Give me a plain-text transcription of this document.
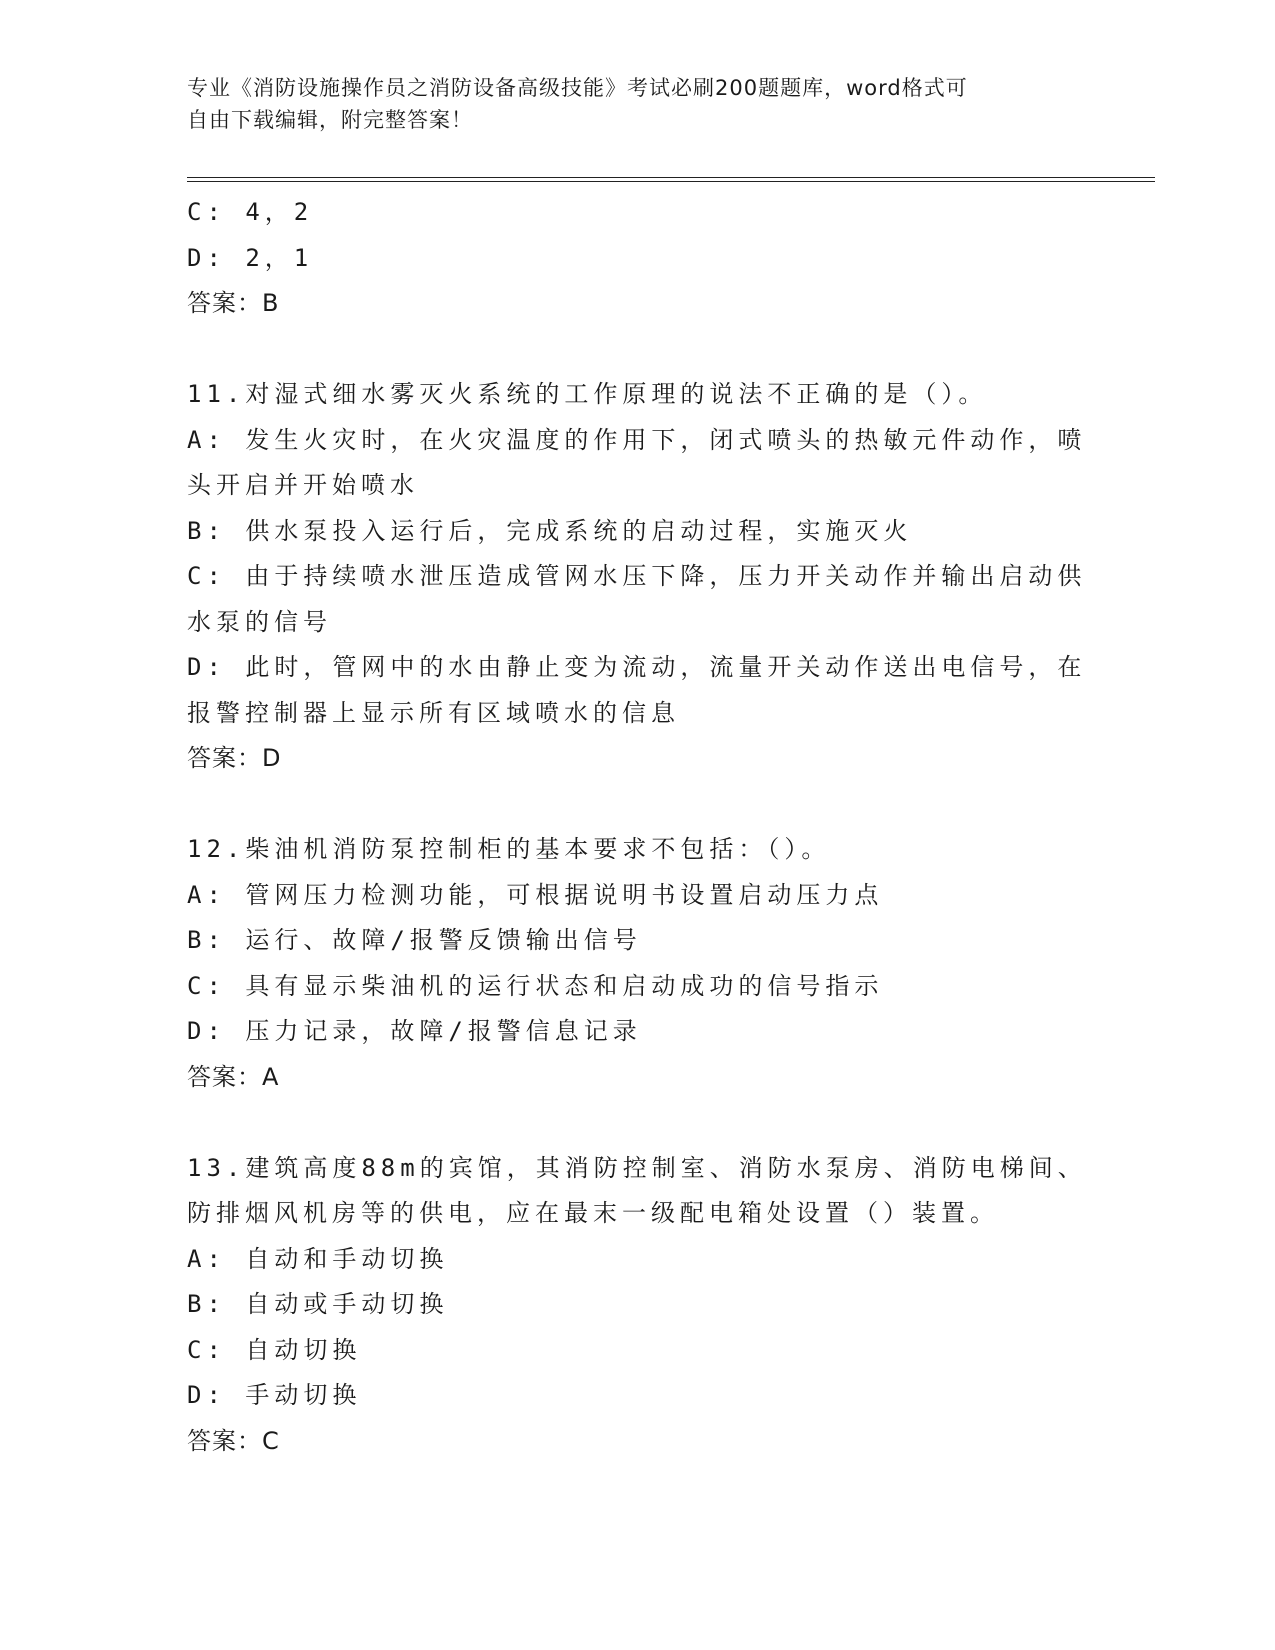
专业《消防设施操作员之消防设备高级技能》考试必刷200题题库，word格式可
自由下载编辑，附完整答案！
C: 4，2
D: 2，1
答案：B
11.对湿式细水雾灭火系统的工作原理的说法不正确的是（）。
A: 发生火灾时，在火灾温度的作用下，闭式喷头的热敏元件动作，喷
头开启并开始喷水
B: 供水泵投入运行后，完成系统的启动过程，实施灭火
C: 由于持续喷水泄压造成管网水压下降，压力开关动作并输出启动供
水泵的信号
D: 此时，管网中的水由静止变为流动，流量开关动作送出电信号，在
报警控制器上显示所有区域喷水的信息
答案：D
12.柴油机消防泵控制柜的基本要求不包括：（）。
A: 管网压力检测功能，可根据说明书设置启动压力点
B: 运行、故障/报警反馈输出信号
C: 具有显示柴油机的运行状态和启动成功的信号指示
D: 压力记录，故障/报警信息记录
答案：A
13.建筑高度88m的宾馆，其消防控制室、消防水泵房、消防电梯间、
防排烟风机房等的供电，应在最末一级配电箱处设置（）装置。
A: 自动和手动切换
B: 自动或手动切换
C: 自动切换
D: 手动切换
答案：C
